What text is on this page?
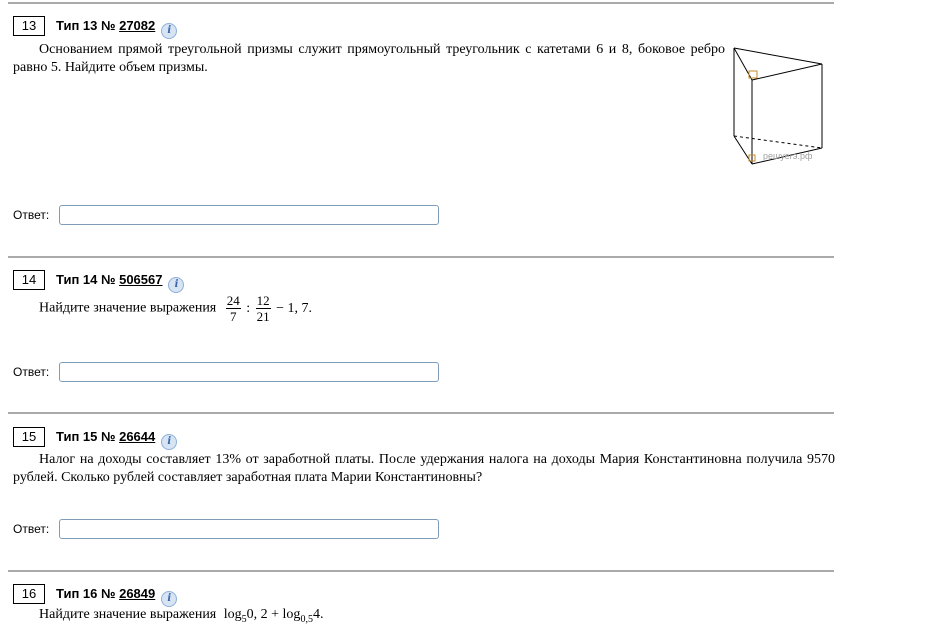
13	Тип 13 № 27082 i

Основанием прямой треугольной призмы служит прямоугольный треугольник с катетами 6 и 8, боковое ребро равно 5. Найдите объем призмы.

решуегэ.рф
Ответ:
14	Тип 14 № 506567 i
Найдите значение выражения $\frac{24}{7}$ : $\frac{12}{21} - 1$, 7.
Ответ:
15	Тип 15 № 26644 i

Налог на доходы составляет 13% от заработной платы. После удержания налога на доходы Мария Константиновна получила 9570 рублей. Сколько рублей составляет заработная плата Марии Константиновны?

Ответ:
16	Тип 16 № 26849 i
Найдите значение выражения $\log_50$, $2 + \log_{0,5}4$.
